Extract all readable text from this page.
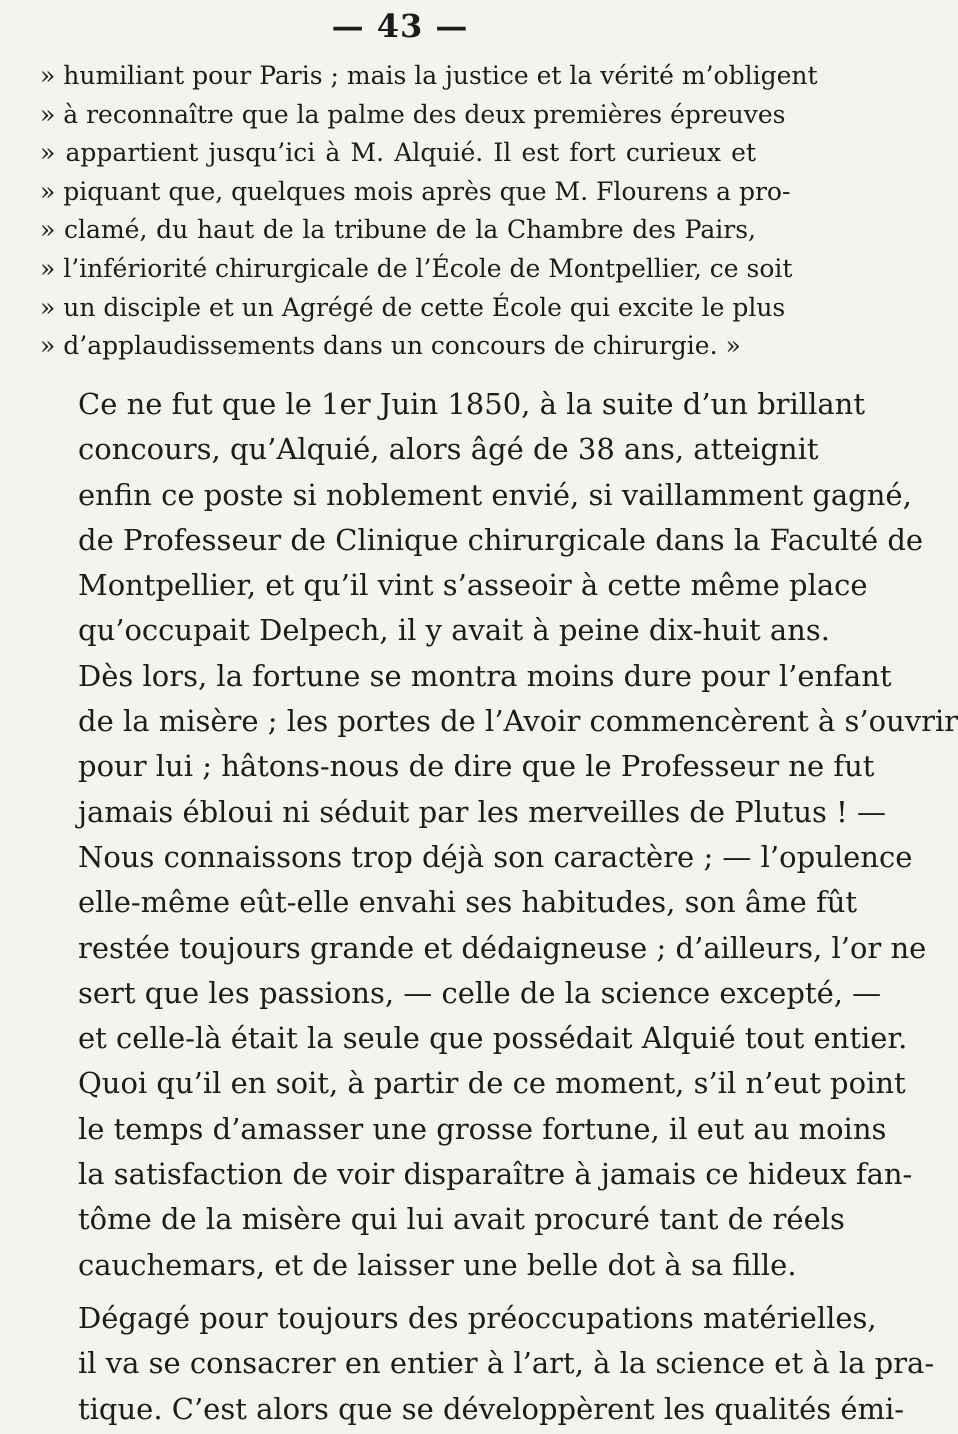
— 43 —
» humiliant pour Paris ; mais la justice et la vérité m’obligent
» à reconnaître que la palme des deux premières épreuves
» appartient jusqu’ici à M. Alquié. Il est fort curieux et
» piquant que, quelques mois après que M. Flourens a pro-
» clamé, du haut de la tribune de la Chambre des Pairs,
» l’infériorité chirurgicale de l’École de Montpellier, ce soit
» un disciple et un Agrégé de cette École qui excite le plus
» d’applaudissements dans un concours de chirurgie. »

Ce ne fut que le 1er Juin 1850, à la suite d’un brillant
concours, qu’Alquié, alors âgé de 38 ans, atteignit
enfin ce poste si noblement envié, si vaillamment gagné,
de Professeur de Clinique chirurgicale dans la Faculté de
Montpellier, et qu’il vint s’asseoir à cette même place
qu’occupait Delpech, il y avait à peine dix-huit ans.
Dès lors, la fortune se montra moins dure pour l’enfant
de la misère ; les portes de l’Avoir commencèrent à s’ouvrir
pour lui ; hâtons-nous de dire que le Professeur ne fut
jamais ébloui ni séduit par les merveilles de Plutus ! —
Nous connaissons trop déjà son caractère ; — l’opulence
elle-même eût-elle envahi ses habitudes, son âme fût
restée toujours grande et dédaigneuse ; d’ailleurs, l’or ne
sert que les passions, — celle de la science excepté, —
et celle-là était la seule que possédait Alquié tout entier.
Quoi qu’il en soit, à partir de ce moment, s’il n’eut point
le temps d’amasser une grosse fortune, il eut au moins
la satisfaction de voir disparaître à jamais ce hideux fan-
tôme de la misère qui lui avait procuré tant de réels
cauchemars, et de laisser une belle dot à sa fille.

Dégagé pour toujours des préoccupations matérielles,
il va se consacrer en entier à l’art, à la science et à la pra-
tique. C’est alors que se développèrent les qualités émi-
